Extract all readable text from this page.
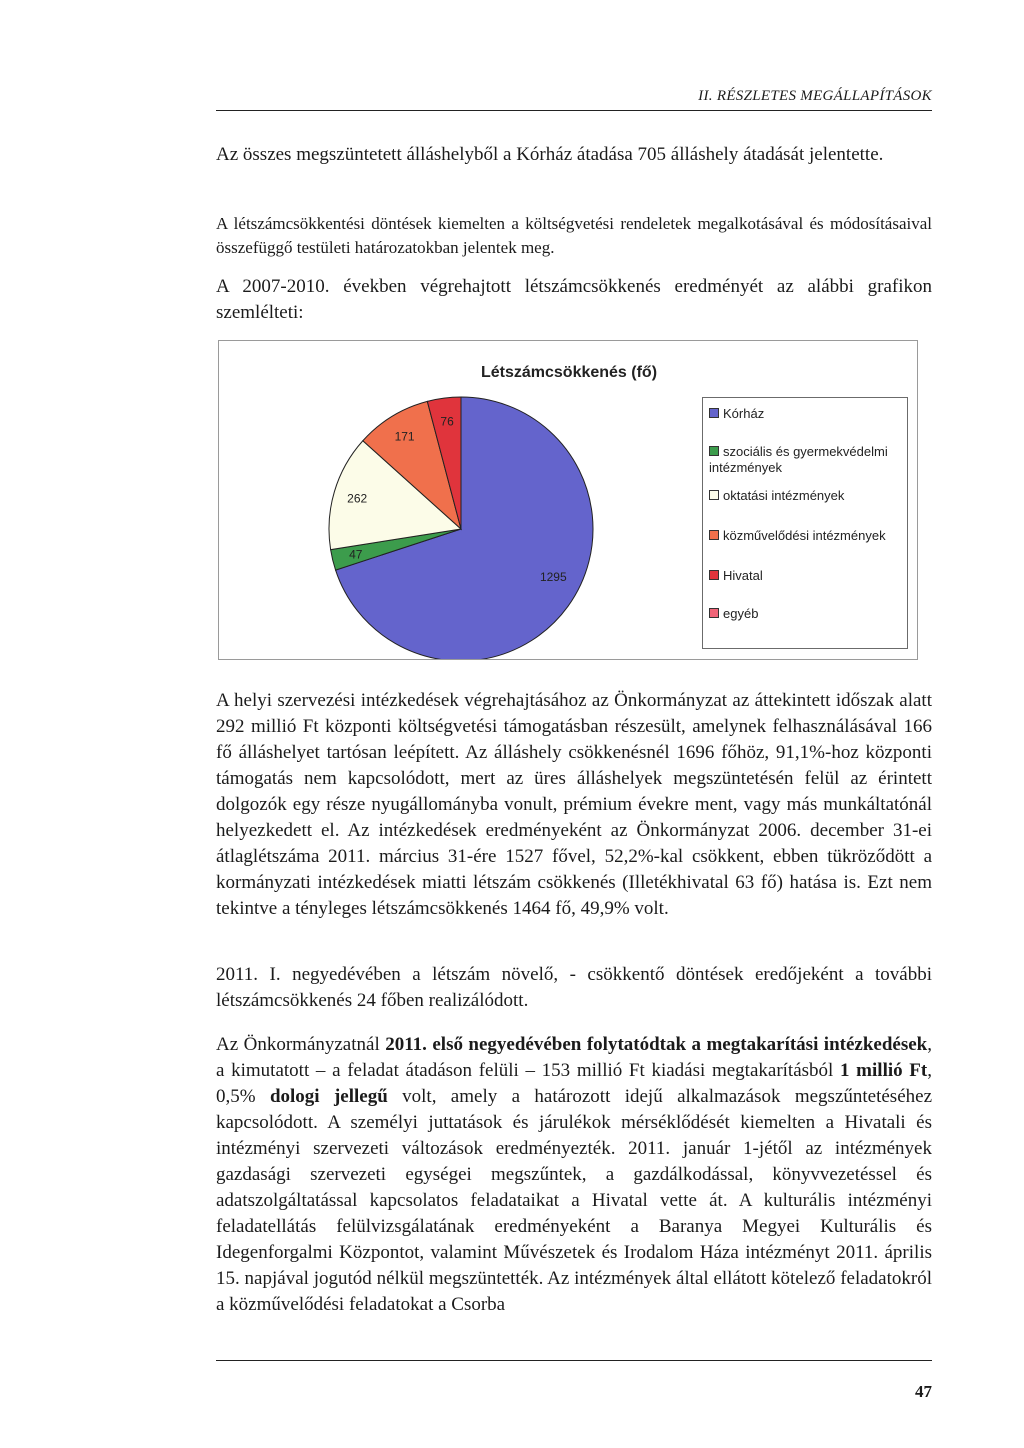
II. RÉSZLETES MEGÁLLAPÍTÁSOK

Az összes megszüntetett álláshelyből a Kórház átadása 705 álláshely átadását jelentette.

A létszámcsökkentési döntések kiemelten a költségvetési rendeletek megalkotásával és módosításaival összefüggő testületi határozatokban jelentek meg.

A 2007-2010. években végrehajtott létszámcsökkenés eredményét az alábbi grafikon szemlélteti:

Létszámcsökkenés (fő)
1295
47
262
171
76
Kórház
szociális és gyermekvédelmi intézmények
oktatási intézmények
közművelődési intézmények
Hivatal
egyéb

A helyi szervezési intézkedések végrehajtásához az Önkormányzat az áttekintett időszak alatt 292 millió Ft központi költségvetési támogatásban részesült, amelynek felhasználásával 166 fő álláshelyet tartósan leépített. Az álláshely csökkenésnél 1696 főhöz, 91,1%-hoz központi támogatás nem kapcsolódott, mert az üres álláshelyek megszüntetésén felül az érintett dolgozók egy része nyugállományba vonult, prémium évekre ment, vagy más munkáltatónál helyezkedett el. Az intézkedések eredményeként az Önkormányzat 2006. december 31-ei átlaglétszáma 2011. március 31-ére 1527 fővel, 52,2%-kal csökkent, ebben tükröződött a kormányzati intézkedések miatti létszám csökkenés (Illetékhivatal 63 fő) hatása is. Ezt nem tekintve a tényleges létszámcsökkenés 1464 fő, 49,9% volt.

2011. I. negyedévében a létszám növelő, - csökkentő döntések eredőjeként a további létszámcsökkenés 24 főben realizálódott.

Az Önkormányzatnál 2011. első negyedévében folytatódtak a megtakarítási intézkedések, a kimutatott – a feladat átadáson felüli – 153 millió Ft kiadási megtakarításból 1 millió Ft, 0,5% dologi jellegű volt, amely a határozott idejű alkalmazások megszűntetéséhez kapcsolódott. A személyi juttatások és járulékok mérséklődését kiemelten a Hivatali és intézményi szervezeti változások eredményezték. 2011. január 1-jétől az intézmények gazdasági szervezeti egységei megszűntek, a gazdálkodással, könyvvezetéssel és adatszolgáltatással kapcsolatos feladataikat a Hivatal vette át. A kulturális intézményi feladatellátás felülvizsgálatának eredményeként a Baranya Megyei Kulturális és Idegenforgalmi Központot, valamint Művészetek és Irodalom Háza intézményt 2011. április 15. napjával jogutód nélkül megszüntették. Az intézmények által ellátott kötelező feladatokról a közművelődési feladatokat a Csorba

47
